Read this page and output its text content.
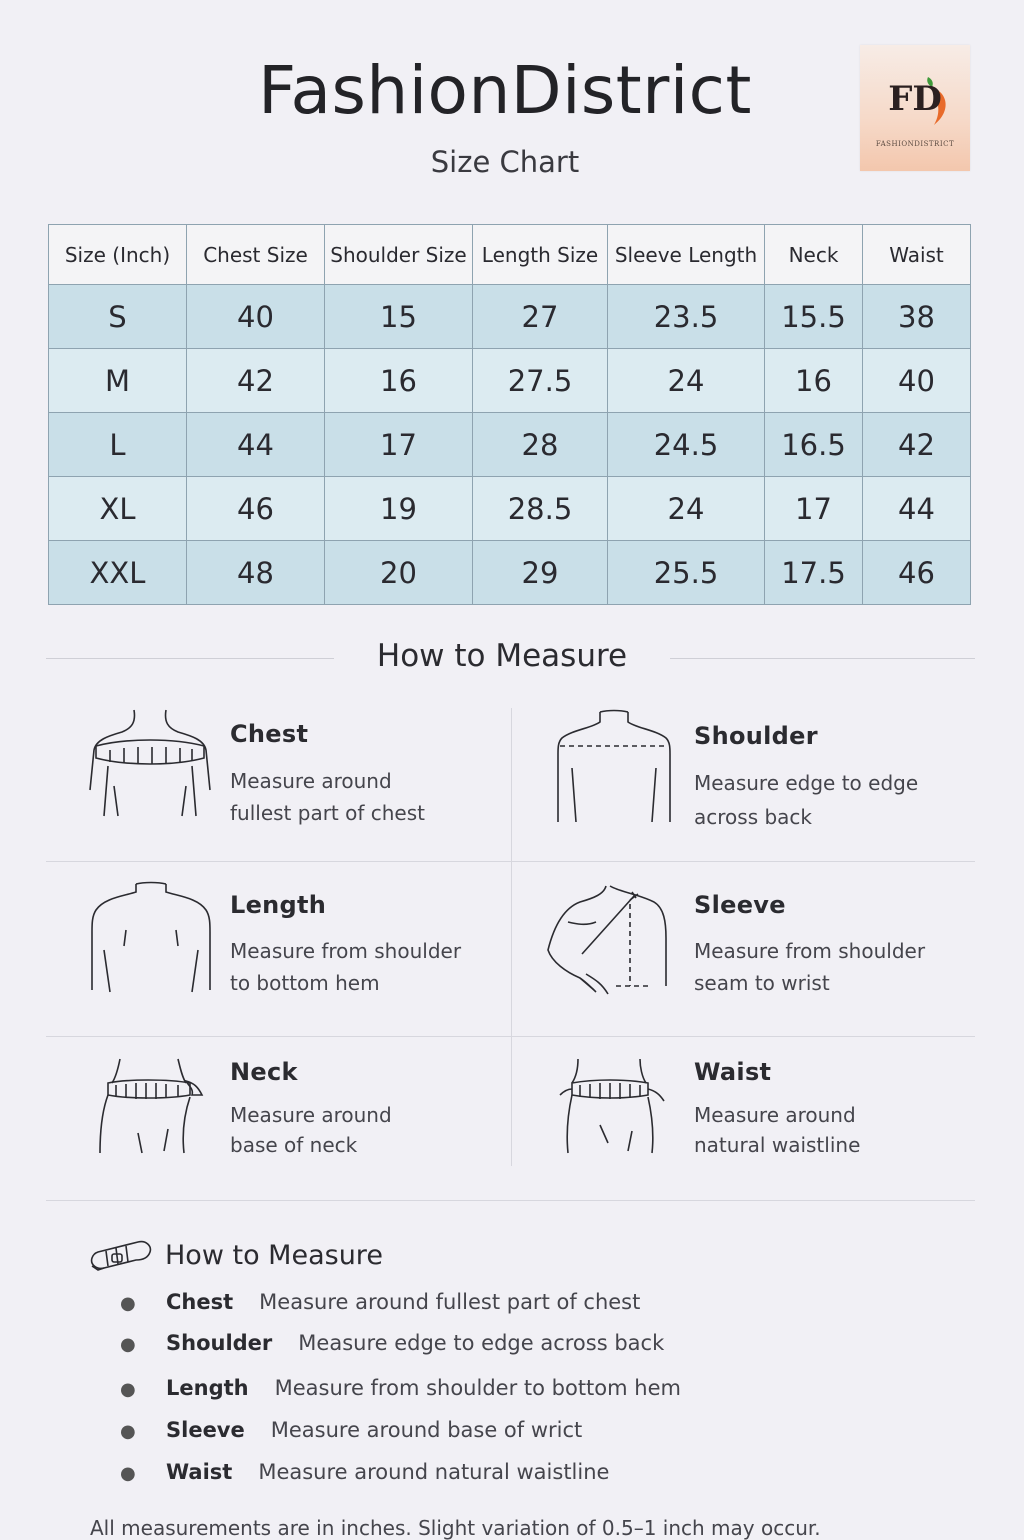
FashionDistrict
Size Chart
FD
FASHIONDISTRICT
Size (Inch)	Chest Size	Shoulder Size	Length Size	Sleeve Length	Neck	Waist
S	40	15	27	23.5	15.5	38
M	42	16	27.5	24	16	40
L	44	17	28	24.5	16.5	42
XL	46	19	28.5	24	17	44
XXL	48	20	29	25.5	17.5	46
How to Measure
Chest
Measure around
fullest part of chest
Shoulder
Measure edge to edge
across back
Length
Measure from shoulder
to bottom hem
Sleeve
Measure from shoulder
seam to wrist
Neck
Measure around
base of neck
Waist
Measure around
natural waistline
How to Measure
● Chest Measure around fullest part of chest
● Shoulder Measure edge to edge across back
● Length Measure from shoulder to bottom hem
● Sleeve Measure around base of wrict
● Waist Measure around natural waistline
All measurements are in inches. Slight variation of 0.5–1 inch may occur.
